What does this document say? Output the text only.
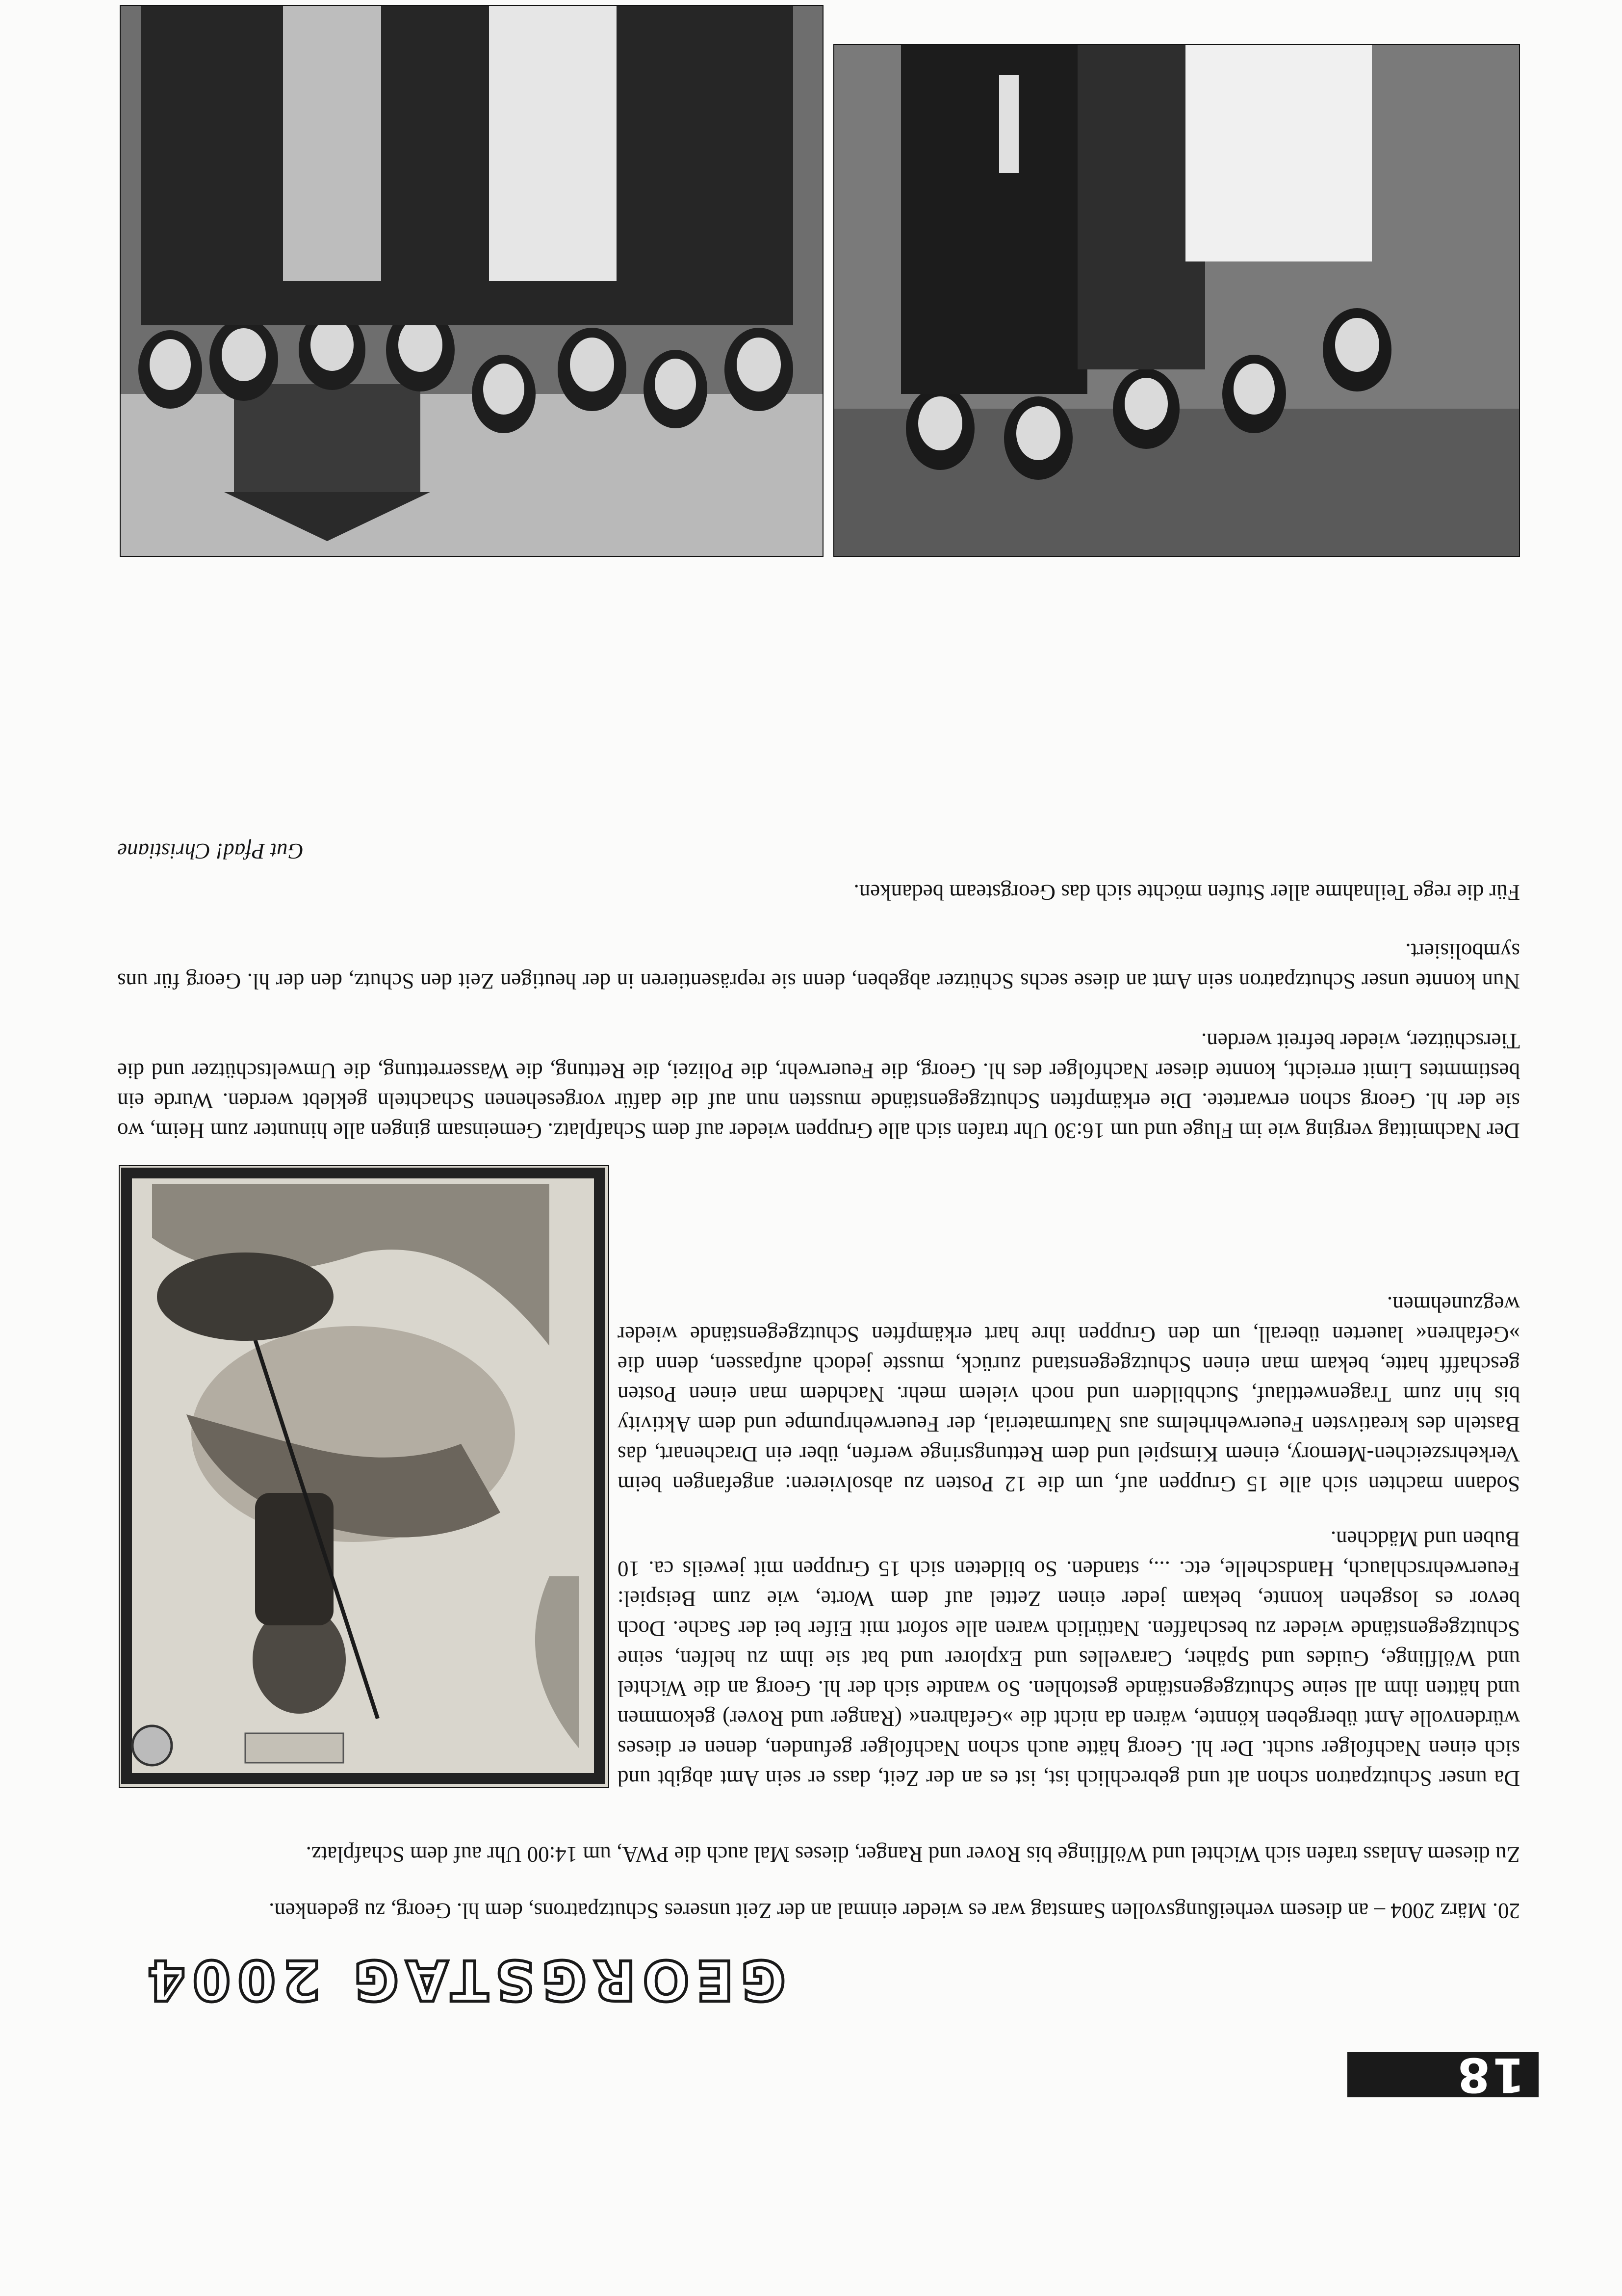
18
GEORGSTAG 2004

20. März 2004 – an diesem verheißungsvollen Samstag war es wieder einmal an der Zeit unseres Schutzpatrons, dem hl. Georg, zu gedenken.

Zu diesem Anlass trafen sich Wichtel und Wölflinge bis Rover und Ranger, dieses Mal auch die PWA, um 14:00 Uhr auf dem Schafplatz.

Da unser Schutzpatron schon alt und gebrechlich ist, ist es an der Zeit, dass er sein Amt abgibt und sich einen Nachfolger sucht. Der hl. Georg hätte auch schon Nachfolger gefunden, denen er dieses würdenvolle Amt übergeben könnte, wären da nicht die »Gefahren« (Ranger und Rover) gekommen und hätten ihm all seine Schutzgegenstände gestohlen. So wandte sich der hl. Georg an die Wichtel und Wölflinge, Guides und Späher, Caravelles und Explorer und bat sie ihm zu helfen, seine Schutzgegenstände wieder zu beschaffen. Natürlich waren alle sofort mit Eifer bei der Sache. Doch bevor es losgehen konnte, bekam jeder einen Zettel auf dem Worte, wie zum Beispiel: Feuerwehrschlauch, Handschelle, etc. ..., standen. So bildeten sich 15 Gruppen mit jeweils ca. 10 Buben und Mädchen.

Sodann machten sich alle 15 Gruppen auf, um die 12 Posten zu absolvieren: angefangen beim Verkehrszeichen-Memory, einem Kimspiel und dem Rettungsringe werfen, über ein Drachenart, das Basteln des kreativsten Feuerwehrhelms aus Naturmaterial, der Feuerwehrpumpe und dem Aktivity bis hin zum Tragenwettlauf, Suchbildern und noch vielem mehr. Nachdem man einen Posten geschafft hatte, bekam man einen Schutzgegenstand zurück, musste jedoch aufpassen, denn die »Gefahren« lauerten überall, um den Gruppen ihre hart erkämpften Schutzgegenstände wieder wegzunehmen.

Der Nachmittag verging wie im Fluge und um 16:30 Uhr trafen sich alle Gruppen wieder auf dem Schafplatz. Gemeinsam gingen alle hinunter zum Heim, wo sie der hl. Georg schon erwartete. Die erkämpften Schutzgegenstände mussten nun auf die dafür vorgesehenen Schachteln geklebt werden. Wurde ein bestimmtes Limit erreicht, konnte dieser Nachfolger des hl. Georg, die Feuerwehr, die Polizei, die Rettung, die Wasserrettung, die Umweltschützer und die Tierschützer, wieder befreit werden.

Nun konnte unser Schutzpatron sein Amt an diese sechs Schützer abgeben, denn sie repräsentieren in der heutigen Zeit den Schutz, den der hl. Georg für uns symbolisiert.

Für die rege Teilnahme aller Stufen möchte sich das Georgsteam bedanken.

Gut Pfad! Christiane
